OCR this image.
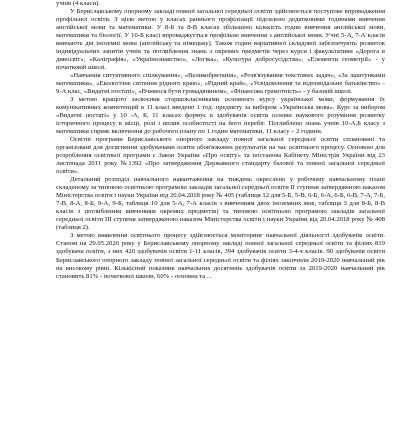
учнів (4 класи).

У Бериславському опорному закладі повної загальної середньої освіти здійснюється поступове впровадження профільної освіти. З цією метою у класах раннього профілізації підсилено додатковими годинами вивчення англійської мови та математики. У 8-Б та 8-В класах збільшено кількість годин вивчення англійської мови, математики та біології. У 10-Б класі впроваджується профільне вивчення з англійської мови. Учні 5-А, 7-А класів вивчають дві іноземні мови (англійську та німецьку). Також годин варіативної складової забезпечують розвиток індивідуальних запитів учнів та поглиблення знань з окремих предметів через курси і факультативи «Дорога в дивосвіт», «Каліграфія», «Українознавство», «Логіка», «Культура добросусідства», «Елементи геометрії» - у початковій школі.

«Навчання ситуативного спілкування», «Великобританія», «Розв'язування текстових задач», «За лаштунками математики», «Екологічне світення рідного краю», «Рідний край», «Усвідомлення та відповідальне батьківство» - 9-А клас, «Видатні постаті», «Вчимося бути громадянином», «Фінансова грамотність» - у базовій школі.

З метою кращого засвоєння старшокласниками основного курсу української мови, формування їх комунікативних компетенцій в 11 класі введено 1 год. предмету за вибором «Українська мова». Курс за вибором «Видатні постаті» у 10 -А, Б, 11 класах формує в здобувачів освіти основи наукового розуміння розвитку історичного процесу в місці, ролі і вплив особистості на його перебіг. Поглиблено знань учнів 10-А,Б класу з математики сприяє включення до робочого плану по 1 годин математики, 11 класу – 2 години.

Освітні програми Бериславського опорного закладу повної загальної середньої освіти сплановані та організовані для досягнення здобувачами освіти обов'язкових результатів на час освітнього процесу. Основою для розроблення освітньої програми є Закон України «Про освіту» та постанова Кабінету Міністрів України від 23 листопада 2011 року №1392 «Про затвердження Державного стандарту базової та повної загальної середньої освіти».

Детальний розподіл навчального навантаження на тиждень окреслено у робочому навчальному плані складеному за типовою освітньою програмою закладів загальної середньої освіти ІІ ступеня затвердженою наказом Міністерства освіти і науки України від 20.04.2018 року № 405 (таблиця 12 для 5-Б, 5-В, 6-Б, 6-А, 6-Б, 6-В, 7-А, 7-Б, 7-В, 8-А, 8-Б, 9-А, 9-Б, таблиця 10 для 5-А, 7-А класів з вивченням двох іноземних мов, таблиця 3 для 8-Б, 8-В класів з поглибленим вивченням окремих предметів) та типовою освітньою програмою закладів загальної середньої освіти ІІІ ступеня затвердженою наказом Міністерства освіти і науки України від 20.04.2018 року № 408 (таблиця 2).

З метою виявлення освітнього процесу здійснюється моніторинг навчальної діяльності здобувачів освіти. Станом на 29.05.2020 року у Бериславському опорному закладі повної загальної середньої освіти та філіях 819 здобувача освіти, з них 420 здобувачів освіти 1-11 класів, 394 здобувачів освіти 3-4-х класів. 90 здобувачів освіти Бериславського опорного закладу повної загальної середньої освіти та філіях закінчили 2019-2020 навчальний рік на високому рівні. Кількісний показник навчальних досягнень здобувачів освіти за 2019-2020 навчальний рік становить 81% - початкової школи, 60% - основна та ...
